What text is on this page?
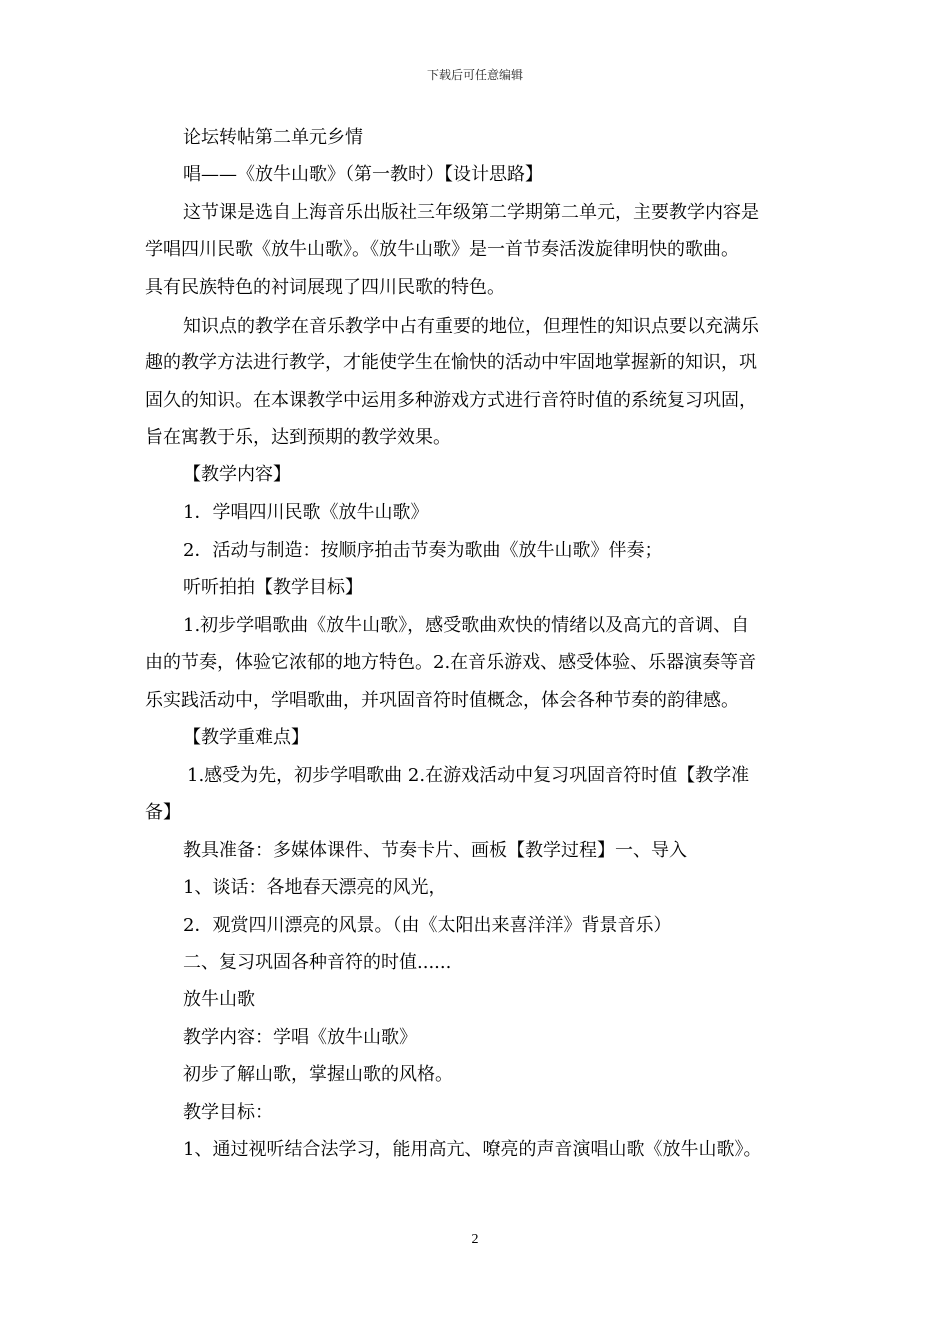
下载后可任意编辑
论坛转帖第二单元乡情
唱——《放牛山歌》（第一教时）【设计思路】
这节课是选自上海音乐出版社三年级第二学期第二单元，主要教学内容是
学唱四川民歌《放牛山歌》。《放牛山歌》是一首节奏活泼旋律明快的歌曲。
具有民族特色的衬词展现了四川民歌的特色。
知识点的教学在音乐教学中占有重要的地位，但理性的知识点要以充满乐
趣的教学方法进行教学，才能使学生在愉快的活动中牢固地掌握新的知识，巩
固久的知识。在本课教学中运用多种游戏方式进行音符时值的系统复习巩固，
旨在寓教于乐，达到预期的教学效果。
【教学内容】
1．学唱四川民歌《放牛山歌》
2．活动与制造：按顺序拍击节奏为歌曲《放牛山歌》伴奏；
听听拍拍【教学目标】
1.初步学唱歌曲《放牛山歌》，感受歌曲欢快的情绪以及高亢的音调、自
由的节奏，体验它浓郁的地方特色。2.在音乐游戏、感受体验、乐器演奏等音
乐实践活动中，学唱歌曲，并巩固音符时值概念，体会各种节奏的韵律感。
【教学重难点】
1.感受为先，初步学唱歌曲 2.在游戏活动中复习巩固音符时值【教学准
备】
教具准备：多媒体课件、节奏卡片、画板【教学过程】一、导入
1、谈话：各地春天漂亮的风光，
2．观赏四川漂亮的风景。（由《太阳出来喜洋洋》背景音乐）
二、复习巩固各种音符的时值......
放牛山歌
教学内容：学唱《放牛山歌》
初步了解山歌，掌握山歌的风格。
教学目标：
1、通过视听结合法学习，能用高亢、嘹亮的声音演唱山歌《放牛山歌》。
2
